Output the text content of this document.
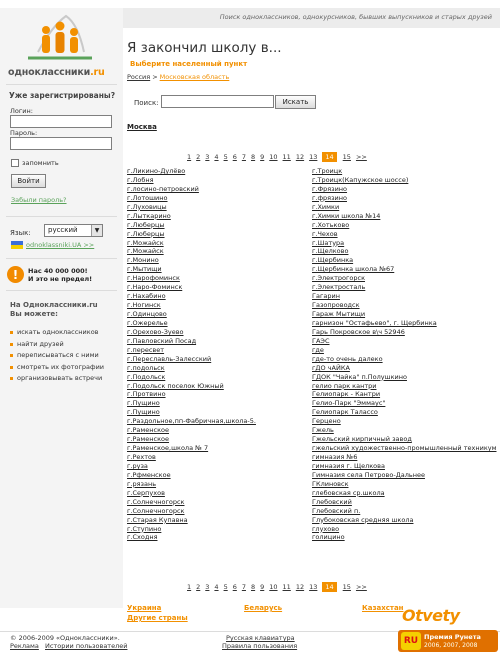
Поиск одноклассников, однокурсников, бывших выпускников и старых друзей
одноклассники.ru
Уже зарегистрированы?
Логин:
Пароль:
запомнить
Войти
Забыли пароль?
Язык:	русский	▼
odnoklassniki.UA >>
!	Нас 40 000 000!
И это не предел!
На Одноклассники.ru
Вы можете:
искать одноклассников
найти друзей
переписываться с ними
смотреть их фотографии
организовывать встречи
Я закончил школу в...
Выберите населенный пункт
Россия > Московская область
Поиск:	Искать
Москва
1 2 3 4 5 6 7 8 9 10 11 12 13	14	15 >>
г.Ликино-Дулёво
г.Лобня
г.лосино-петровский
г.Лотошино
г.Луховицы
г.Лыткарино
г.Люберцы
г.Люберцы
г.Можайск
г.Можайск
г.Монино
г.Мытищи
г.Нарофоминск
г.Наро-Фоминск
г.Нахабино
г.Ногинск
г.Одинцово
г.Ожерелье
г.Орехово-Зуево
г.Павловский Посад
г.пересвет
г.Переславль-Залесский
г.подольск
г.Подольск
г.Подольск поселок Южный
г.Протвино
г.Пущино
г.Пущино
г.Раздольное,пп-Фабричная,школа-5.
г.Раменское
г.Раменское
г.Раменское,школа № 7
г.Рехтов
г.руза
г.Рфменское
г.рязань
г.Серпухов
г.Солнечногорск
г.Солнечногорск
г.Старая Купавна
г.Ступино
г.Сходня
г.Троицк
г.Троицк(Капужское шоссе)
г.Фрязино
г.фрязино
г.Химки
г.Химки школа №14
г.Хотьково
г.Чехов
г.Шатура
г.Щелково
г.Щербинка
г.Щербинка школа №67
г.Электрогорск
г.Электросталь
Гагарин
Газопроводск
Гараж Мытищи
гарнизон "Остафьево", г. Щербинка
Гарь Покровское в\ч 52946
ГАЭС
где
где-то очень далеко
гДО чАЙКА
ГДОК "Чайка" п.Полушкино
гелио парк кантри
Гелиопарк - Кантри
Гелио-Парк "Эммаус"
Гелиопарк Талассо
Герцено
Гжель
Гжельский кирпичный завод
гжельский художественно-промышленный техникум
гимназия №6
гимназия г. Щелкова
Гимназия села Петрово-Дальнее
ГКлиновск
глебовская ср.школа
Глебовский
Глебовский п.
Глубоковская средняя школа
глухово
голицино
1 2 3 4 5 6 7 8 9 10 11 12 13	14	15 >>
Украина	Беларусь	Казахстан
Другие страны
© 2006-2009 «Одноклассники».
Реклама Истории пользователей
Русская клавиатура
Правила пользования
Otvety
RU Премия Рунета
2006, 2007, 2008
